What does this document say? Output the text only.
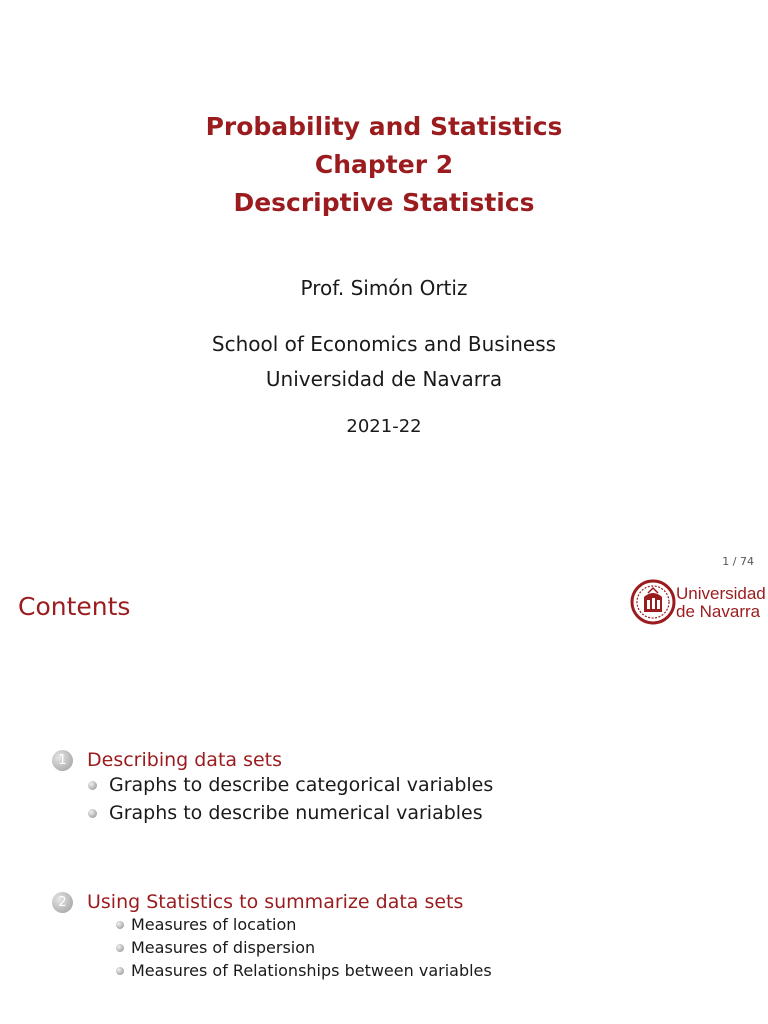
Probability and Statistics
Chapter 2
Descriptive Statistics
Prof. Simón Ortiz
School of Economics and Business
Universidad de Navarra
2021-22
1 / 74
Contents	Universidad
de Navarra
1	Describing data sets
Graphs to describe categorical variables
Graphs to describe numerical variables
2	Using Statistics to summarize data sets
Measures of location
Measures of dispersion
Measures of Relationships between variables
